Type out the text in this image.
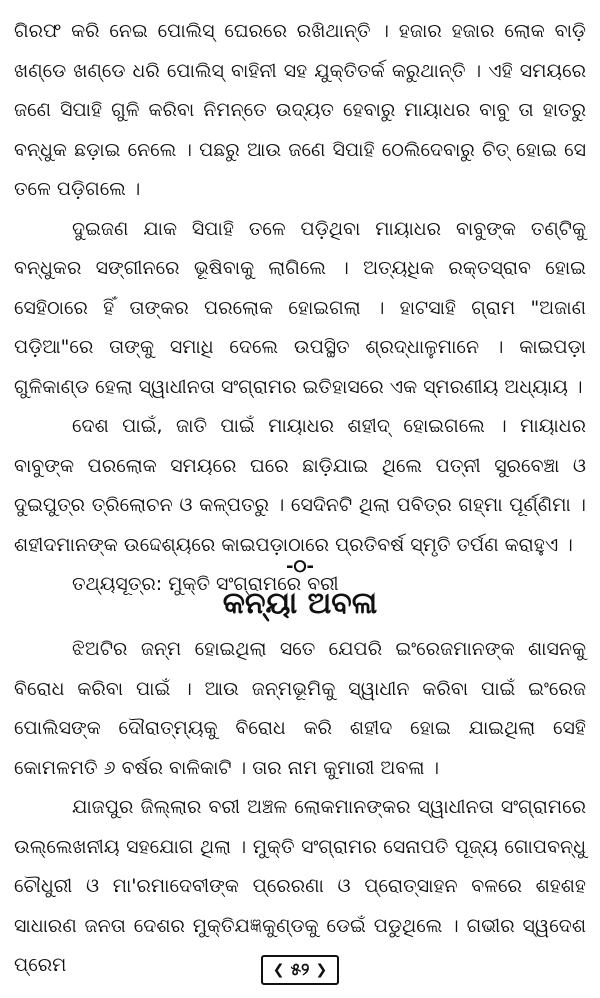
ଗିରଫ କରି ନେଇ ପୋଲିସ୍ ଘେରରେ ରଖିଥାନ୍ତି । ହଜାର ହଜାର ଲୋକ ବାଡ଼ି ଖଣ୍ଡେ ଖଣ୍ଡେ ଧରି ପୋଲିସ୍ ବାହିନୀ ସହ ଯୁକ୍ତିତର୍କ କରୁଥାନ୍ତି । ଏହି ସମୟରେ ଜଣେ ସିପାହି ଗୁଳି କରିବା ନିମନ୍ତେ ଉଦ୍ୟତ ହେବାରୁ ମାୟାଧର ବାବୁ ତା ହାତରୁ ବନ୍ଧୁକ ଛଡ଼ାଇ ନେଲେ । ପଛରୁ ଆଉ ଜଣେ ସିପାହି ଠେଲିଦେବାରୁ ଚିତ୍ ହୋଇ ସେ ତଳେ ପଡ଼ିଗଲେ ।

ଦୁଇଜଣ ଯାକ ସିପାହି ତଳେ ପଡ଼ିଥିବା ମାୟାଧର ବାବୁଙ୍କ ତଣ୍ଟିକୁ ବନ୍ଧୁକର ସଙ୍ଗୀନରେ ଭୂଷିବାକୁ ଲାଗିଲେ । ଅତ୍ୟଧିକ ରକ୍ତସ୍ରାବ ହୋଇ ସେହିଠାରେ ହିଁ ତାଙ୍କର ପରଲୋକ ହୋଇଗଲା । ହାଟସାହି ଗ୍ରାମ "ଅଜାଣ ପଡ଼ିଆ"ରେ ତାଙ୍କୁ ସମାଧି ଦେଲେ ଉପସ୍ଥିତ ଶ୍ରଦ୍ଧାଳୁମାନେ । କାଇପଡ଼ା ଗୁଳିକାଣ୍ଡ ହେଲା ସ୍ୱାଧୀନତା ସଂଗ୍ରାମର ଇତିହାସରେ ଏକ ସ୍ମରଣୀୟ ଅଧ୍ୟାୟ ।

ଦେଶ ପାଇଁ, ଜାତି ପାଇଁ ମାୟାଧର ଶହୀଦ୍ ହୋଇଗଲେ । ମାୟାଧର ବାବୁଙ୍କ ପରଲୋକ ସମୟରେ ଘରେ ଛାଡ଼ିଯାଇ ଥିଲେ ପତ୍ନୀ ସୁରବେଞ୍ଚା ଓ ଦୁଇପୁତ୍ର ତ୍ରିଲୋଚନ ଓ କଳ୍ପତରୁ । ସେଦିନଟି ଥିଲା ପବିତ୍ର ଗହ୍ମା ପୂର୍ଣ୍ଣିମା । ଶହୀଦମାନଙ୍କ ଉଦ୍ଦେଶ୍ୟରେ କାଇପଡ଼ାଠାରେ ପ୍ରତିବର୍ଷ ସ୍ମୃତି ତର୍ପଣ କରାହୁଏ ।

ତଥ୍ୟସୂତ୍ର: ମୁକ୍ତି ସଂଗ୍ରାମରେ ବରୀ

-୦-
କନ୍ୟା ଅବଳା

ଝିଅଟିର ଜନ୍ମ ହୋଇଥିଲା ସତେ ଯେପରି ଇଂରେଜମାନଙ୍କ ଶାସନକୁ ବିରୋଧ କରିବା ପାଇଁ । ଆଉ ଜନ୍ମଭୂମିକୁ ସ୍ୱାଧୀନ କରିବା ପାଇଁ ଇଂରେଜ ପୋଲିସଙ୍କ ଦୌରାତ୍ମ୍ୟକୁ ବିରୋଧ କରି ଶହୀଦ ହୋଇ ଯାଇଥିଲା ସେହି କୋମଳମତି ୬ ବର୍ଷର ବାଳିକାଟି । ତାର ନାମ କୁମାରୀ ଅବଳା ।

ଯାଜପୁର ଜିଲ୍ଲାର ବରୀ ଅଞ୍ଚଳ ଲୋକମାନଙ୍କର ସ୍ୱାଧୀନତା ସଂଗ୍ରାମରେ ଉଲ୍ଲେଖନୀୟ ସହଯୋଗ ଥିଲା । ମୁକ୍ତି ସଂଗ୍ରାମର ସେନାପତି ପୂଜ୍ୟ ଗୋପବନ୍ଧୁ ଚୌଧୁରୀ ଓ ମା'ରମାଦେବୀଙ୍କ ପ୍ରେରଣା ଓ ପ୍ରୋତ୍ସାହନ ବଳରେ ଶହଶହ ସାଧାରଣ ଜନତା ଦେଶର ମୁକ୍ତିଯଜ୍ଞକୁଣ୍ଡକୁ ଡେଇଁ ପଡୁଥିଲେ । ଗଭୀର ସ୍ୱଦେଶ ପ୍ରେମ	❮ ୫୨ ❯
